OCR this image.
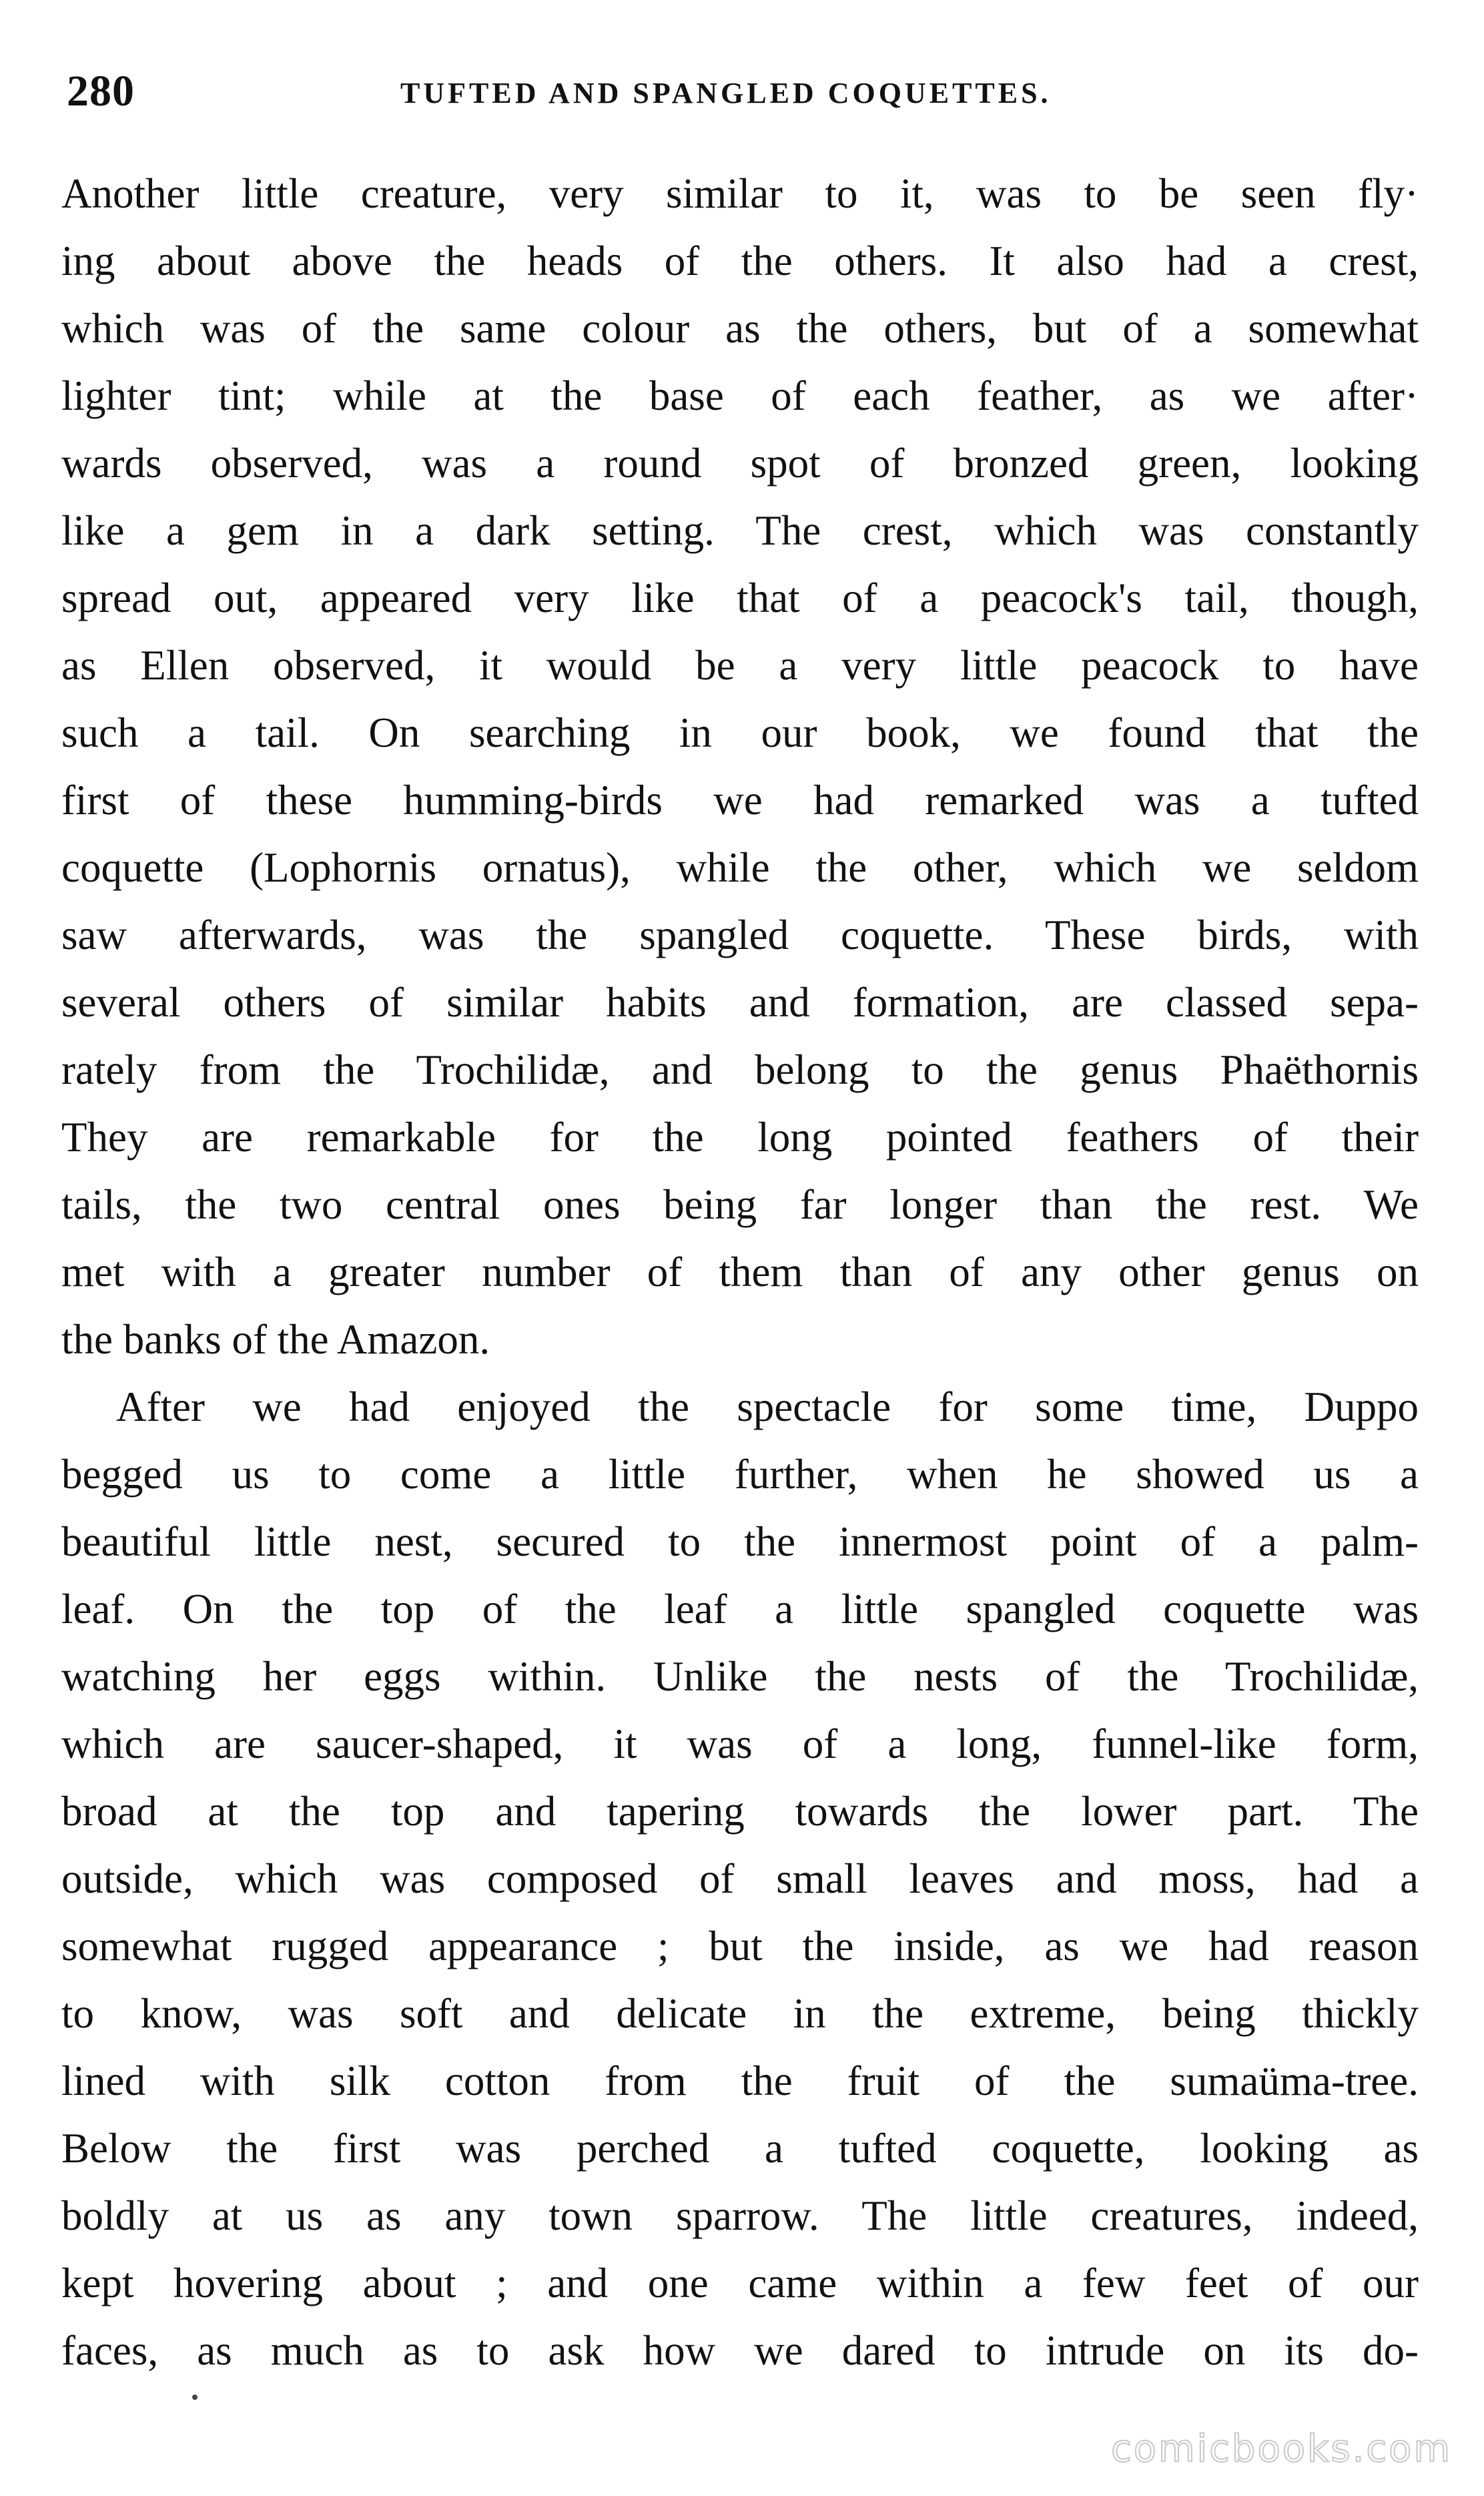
280	TUFTED AND SPANGLED COQUETTES.
Another little creature, very similar to it, was to be seen fly·
ing about above the heads of the others. It also had a crest,
which was of the same colour as the others, but of a somewhat
lighter tint; while at the base of each feather, as we after·
wards observed, was a round spot of bronzed green, looking
like a gem in a dark setting. The crest, which was constantly
spread out, appeared very like that of a peacock's tail, though,
as Ellen observed, it would be a very little peacock to have
such a tail. On searching in our book, we found that the
first of these humming-birds we had remarked was a tufted
coquette (Lophornis ornatus), while the other, which we seldom
saw afterwards, was the spangled coquette. These birds, with
several others of similar habits and formation, are classed sepa-
rately from the Trochilidæ, and belong to the genus Phaëthornis
They are remarkable for the long pointed feathers of their
tails, the two central ones being far longer than the rest. We
met with a greater number of them than of any other genus on
the banks of the Amazon.
After we had enjoyed the spectacle for some time, Duppo
begged us to come a little further, when he showed us a
beautiful little nest, secured to the innermost point of a palm-
leaf. On the top of the leaf a little spangled coquette was
watching her eggs within. Unlike the nests of the Trochilidæ,
which are saucer-shaped, it was of a long, funnel-like form,
broad at the top and tapering towards the lower part. The
outside, which was composed of small leaves and moss, had a
somewhat rugged appearance ; but the inside, as we had reason
to know, was soft and delicate in the extreme, being thickly
lined with silk cotton from the fruit of the sumaüma-tree.
Below the first was perched a tufted coquette, looking as
boldly at us as any town sparrow. The little creatures, indeed,
kept hovering about ; and one came within a few feet of our
faces, as much as to ask how we dared to intrude on its do-
comicbooks.com
